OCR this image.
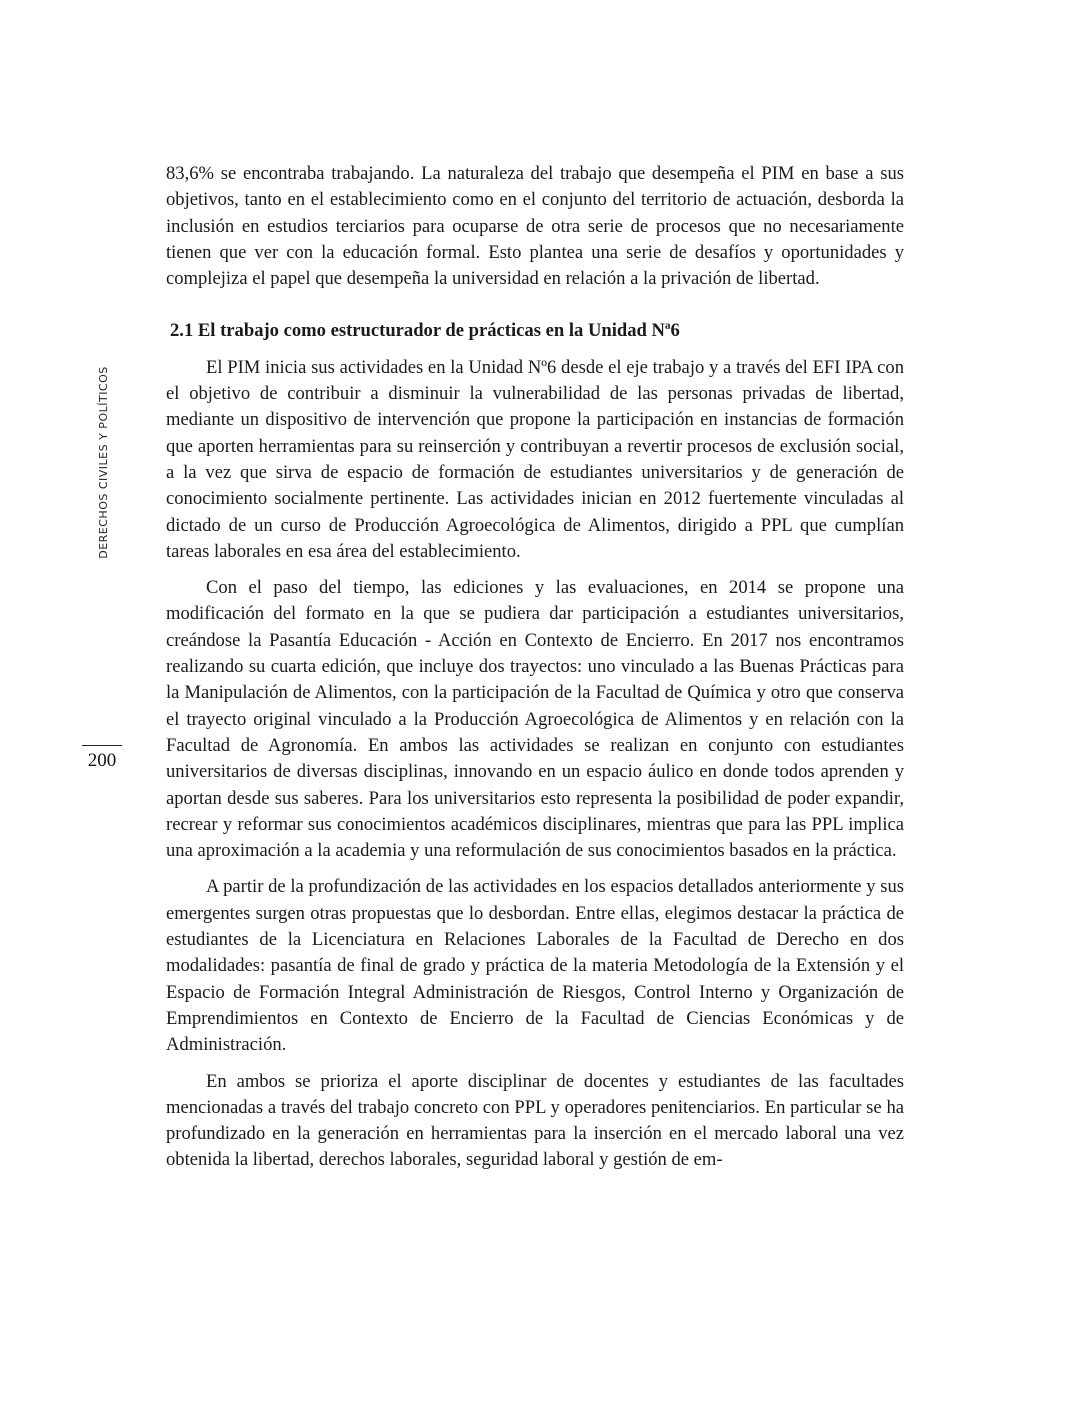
DERECHOS CIVILES Y POLÍTICOS
200

83,6% se encontraba trabajando. La naturaleza del trabajo que desempeña el PIM en base a sus objetivos, tanto en el establecimiento como en el conjunto del territorio de actuación, desborda la inclusión en estudios terciarios para ocuparse de otra serie de procesos que no necesariamente tienen que ver con la educación formal. Esto plantea una serie de desafíos y oportunidades y complejiza el papel que desempeña la universidad en relación a la privación de libertad.

2.1 El trabajo como estructurador de prácticas en la Unidad Nª6

El PIM inicia sus actividades en la Unidad Nº6 desde el eje trabajo y a través del EFI IPA con el objetivo de contribuir a disminuir la vulnerabilidad de las personas privadas de libertad, mediante un dispositivo de intervención que propone la participación en instancias de formación que aporten herramientas para su reinserción y contribuyan a revertir procesos de exclusión social, a la vez que sirva de espacio de formación de estudiantes universitarios y de generación de conocimiento socialmente pertinente. Las actividades inician en 2012 fuertemente vinculadas al dictado de un curso de Producción Agroecológica de Alimentos, dirigido a PPL que cumplían tareas laborales en esa área del establecimiento.

Con el paso del tiempo, las ediciones y las evaluaciones, en 2014 se propone una modificación del formato en la que se pudiera dar participación a estudiantes universitarios, creándose la Pasantía Educación - Acción en Contexto de Encierro. En 2017 nos encontramos realizando su cuarta edición, que incluye dos trayectos: uno vinculado a las Buenas Prácticas para la Manipulación de Alimentos, con la participación de la Facultad de Química y otro que conserva el trayecto original vinculado a la Producción Agroecológica de Alimentos y en relación con la Facultad de Agronomía. En ambos las actividades se realizan en conjunto con estudiantes universitarios de diversas disciplinas, innovando en un espacio áulico en donde todos aprenden y aportan desde sus saberes. Para los universitarios esto representa la posibilidad de poder expandir, recrear y reformar sus conocimientos académicos disciplinares, mientras que para las PPL implica una aproximación a la academia y una reformulación de sus conocimientos basados en la práctica.

A partir de la profundización de las actividades en los espacios detallados anteriormente y sus emergentes surgen otras propuestas que lo desbordan. Entre ellas, elegimos destacar la práctica de estudiantes de la Licenciatura en Relaciones Laborales de la Facultad de Derecho en dos modalidades: pasantía de final de grado y práctica de la materia Metodología de la Extensión y el Espacio de Formación Integral Administración de Riesgos, Control Interno y Organización de Emprendimientos en Contexto de Encierro de la Facultad de Ciencias Económicas y de Administración.

En ambos se prioriza el aporte disciplinar de docentes y estudiantes de las facultades mencionadas a través del trabajo concreto con PPL y operadores penitenciarios. En particular se ha profundizado en la generación en herramientas para la inserción en el mercado laboral una vez obtenida la libertad, derechos laborales, seguridad laboral y gestión de em-
